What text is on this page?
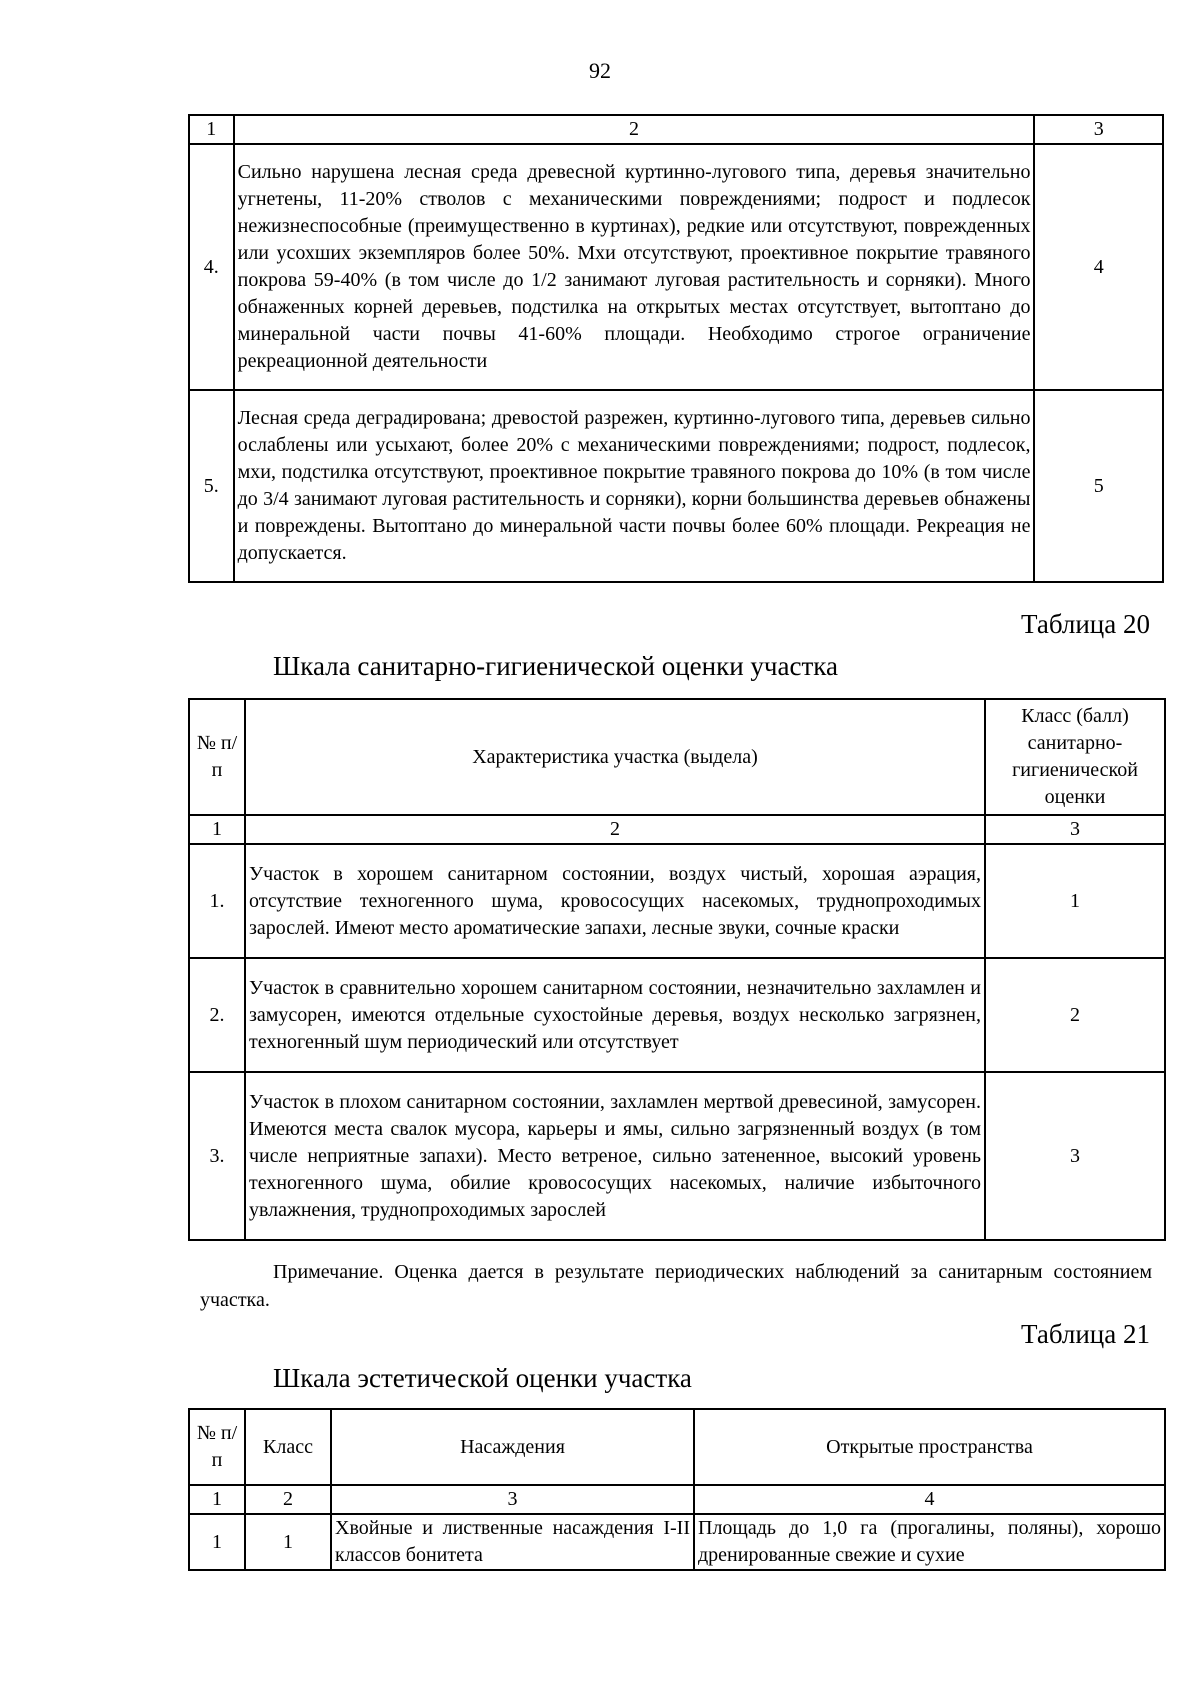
92
1	2	3
4.	Сильно нарушена лесная среда древесной куртинно-лугового типа, деревья значительно угнетены, 11-20% стволов с механическими повреждениями; подрост и подлесок нежизнеспособные (преимущественно в куртинах), редкие или отсутствуют, поврежденных или усохших экземпляров более 50%. Мхи отсутствуют, проективное покрытие травяного покрова 59-40% (в том числе до 1/2 занимают луговая растительность и сорняки). Много обнаженных корней деревьев, подстилка на открытых местах отсутствует, вытоптано до минеральной части почвы 41-60% площади. Необходимо строгое ограничение рекреационной деятельности	4
5.	Лесная среда деградирована; древостой разрежен, куртинно-лугового типа, деревьев сильно ослаблены или усыхают, более 20% с механическими повреждениями; подрост, подлесок, мхи, подстилка отсутствуют, проективное покрытие травяного покрова до 10% (в том числе до 3/4 занимают луговая растительность и сорняки), корни большинства деревьев обнажены и повреждены. Вытоптано до минеральной части почвы более 60% площади. Рекреация не допускается.	5
Таблица 20
Шкала санитарно-гигиенической оценки участка
№ п/п	Характеристика участка (выдела)	Класс (балл) санитарно-гигиенической оценки
1	2	3
1.	Участок в хорошем санитарном состоянии, воздух чистый, хорошая аэрация, отсутствие техногенного шума, кровососущих насекомых, труднопроходимых зарослей. Имеют место ароматические запахи, лесные звуки, сочные краски	1
2.	Участок в сравнительно хорошем санитарном состоянии, незначительно захламлен и замусорен, имеются отдельные сухостойные деревья, воздух несколько загрязнен, техногенный шум периодический или отсутствует	2
3.	Участок в плохом санитарном состоянии, захламлен мертвой древесиной, замусорен. Имеются места свалок мусора, карьеры и ямы, сильно загрязненный воздух (в том числе неприятные запахи). Место ветреное, сильно затененное, высокий уровень техногенного шума, обилие кровососущих насекомых, наличие избыточного увлажнения, труднопроходимых зарослей	3
Примечание. Оценка дается в результате периодических наблюдений за санитарным состоянием участка.
Таблица 21
Шкала эстетической оценки участка
№ п/п	Класс	Насаждения	Открытые пространства
1	2	3	4
1	1	Хвойные и лиственные насаждения I-II классов бонитета	Площадь до 1,0 га (прогалины, поляны), хорошо дренированные свежие и сухие
